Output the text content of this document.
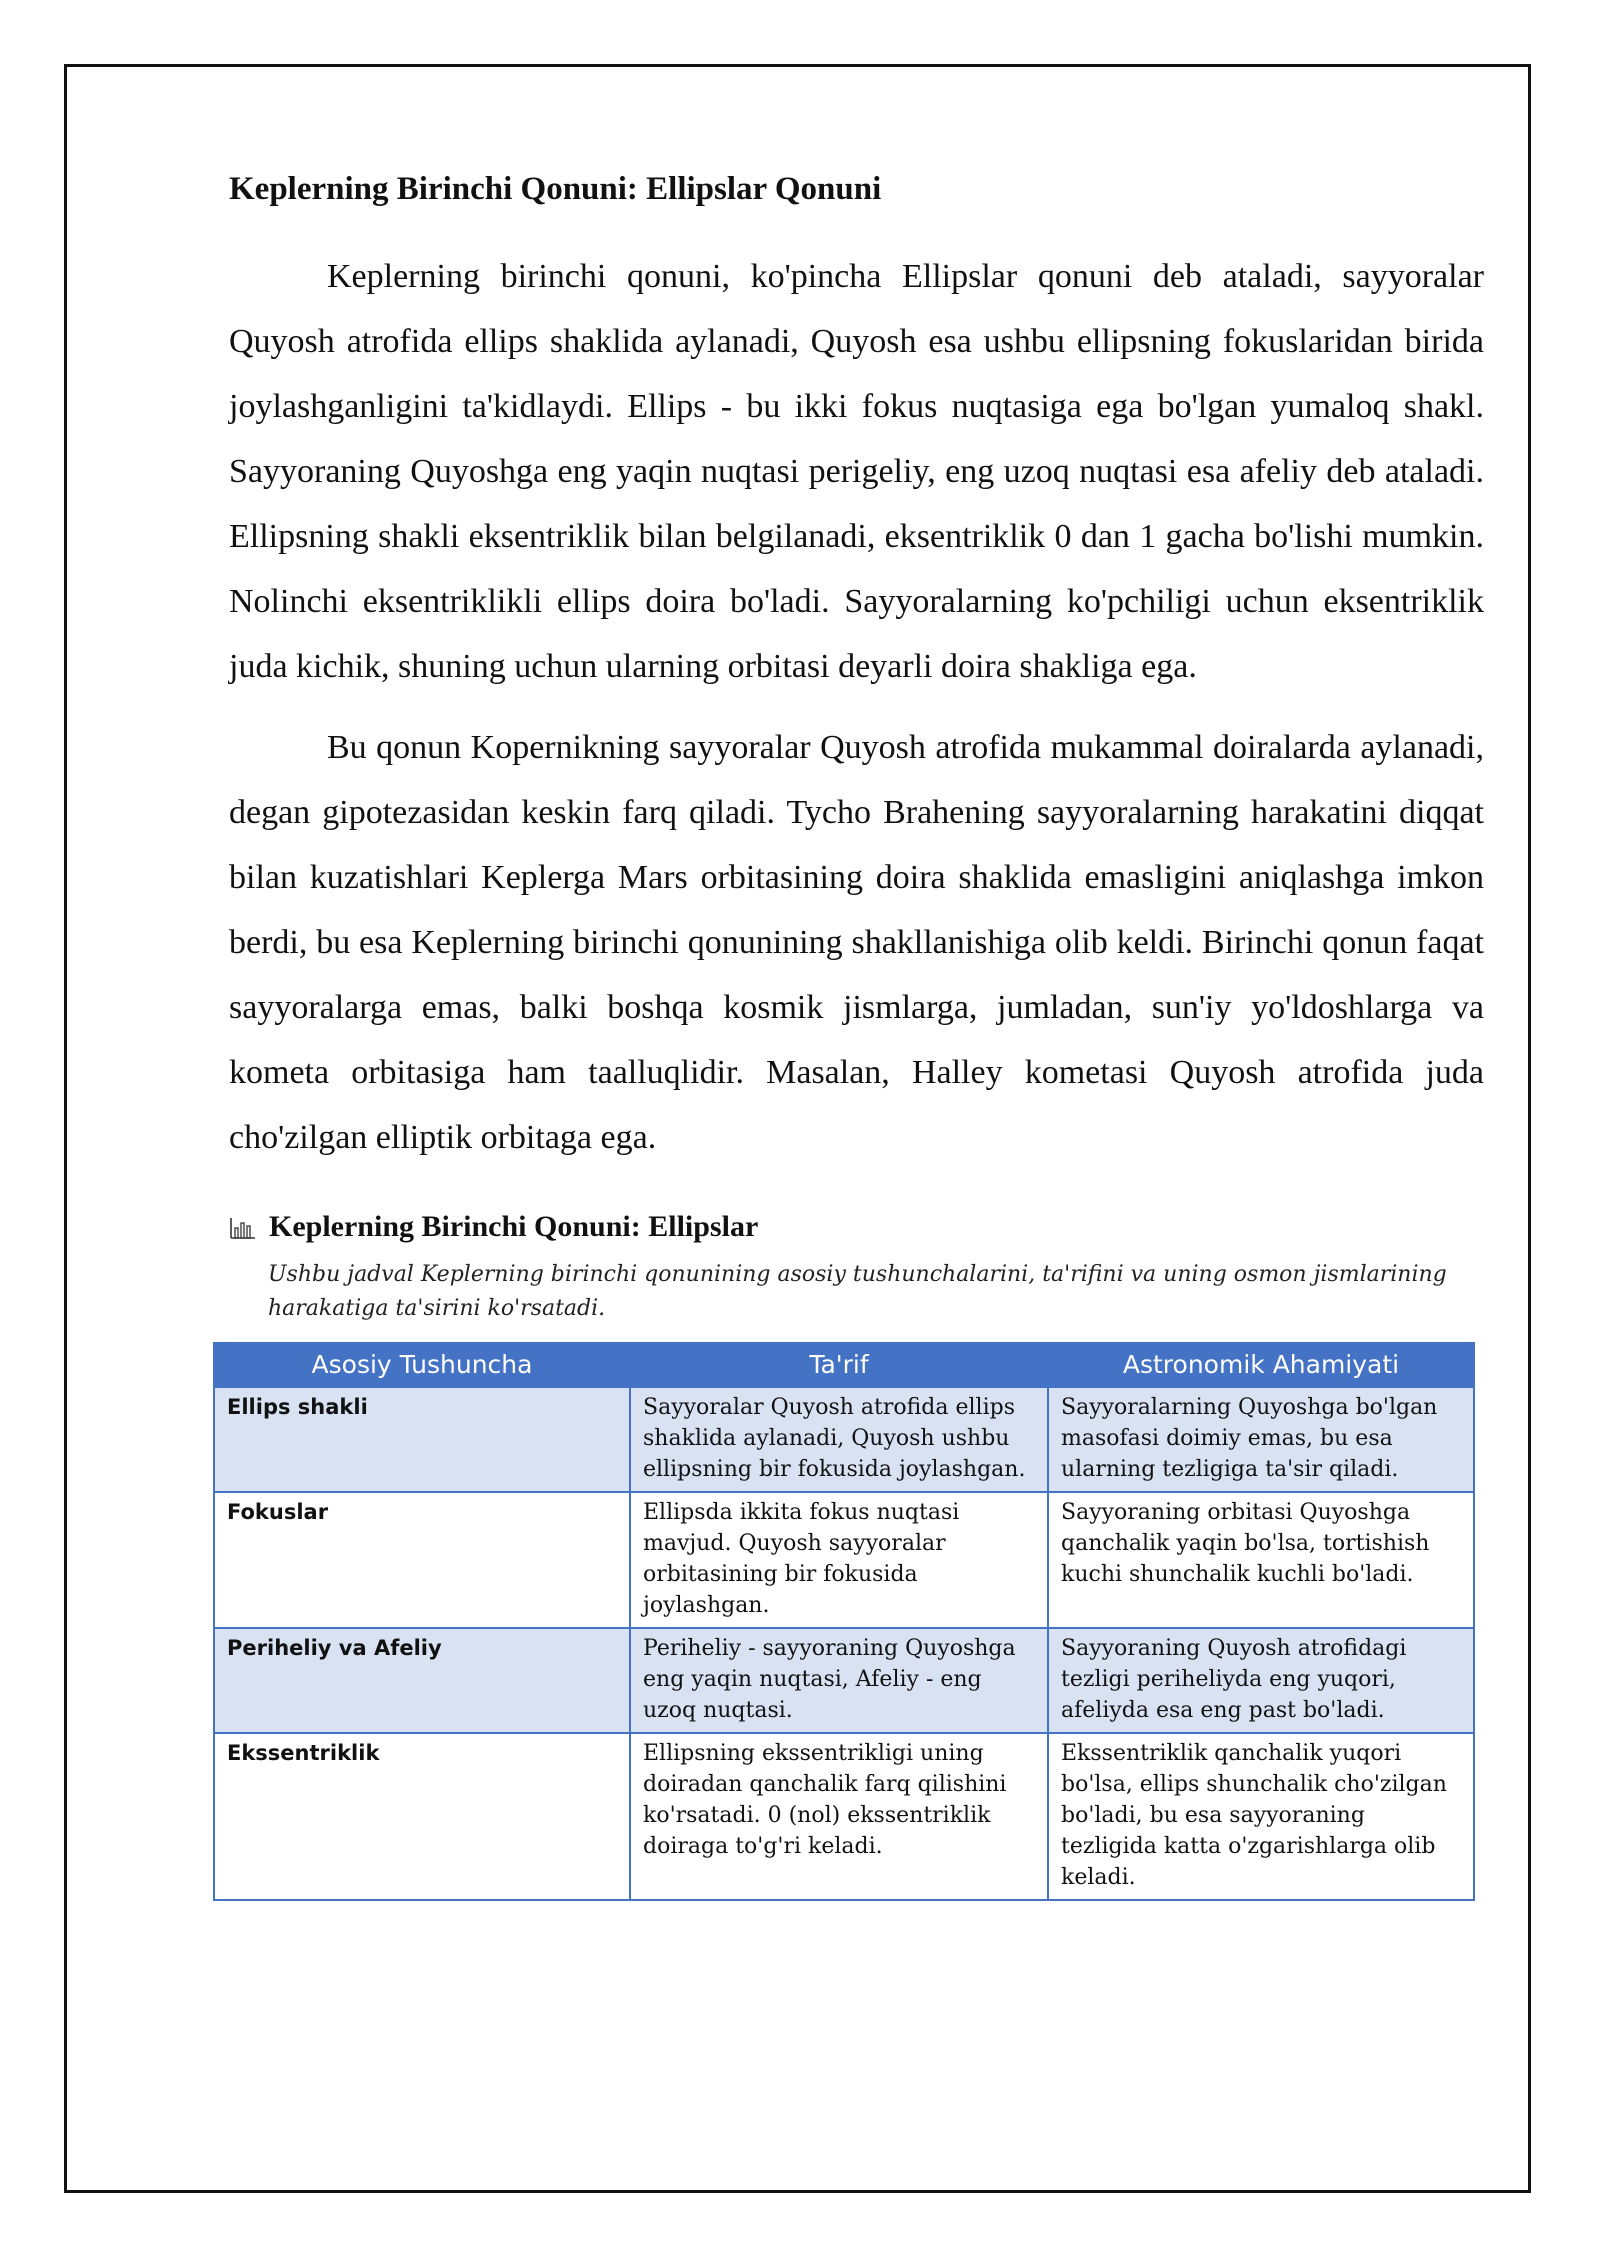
Keplerning Birinchi Qonuni: Ellipslar Qonuni

Keplerning birinchi qonuni, ko'pincha Ellipslar qonuni deb ataladi, sayyoralar Quyosh atrofida ellips shaklida aylanadi, Quyosh esa ushbu ellipsning fokuslaridan birida joylashganligini ta'kidlaydi. Ellips - bu ikki fokus nuqtasiga ega bo'lgan yumaloq shakl. Sayyoraning Quyoshga eng yaqin nuqtasi perigeliy, eng uzoq nuqtasi esa afeliy deb ataladi. Ellipsning shakli eksentriklik bilan belgilanadi, eksentriklik 0 dan 1 gacha bo'lishi mumkin. Nolinchi eksentriklikli ellips doira bo'ladi. Sayyoralarning ko'pchiligi uchun eksentriklik juda kichik, shuning uchun ularning orbitasi deyarli doira shakliga ega.

Bu qonun Kopernikning sayyoralar Quyosh atrofida mukammal doiralarda aylanadi, degan gipotezasidan keskin farq qiladi. Tycho Brahening sayyoralarning harakatini diqqat bilan kuzatishlari Keplerga Mars orbitasining doira shaklida emasligini aniqlashga imkon berdi, bu esa Keplerning birinchi qonunining shakllanishiga olib keldi. Birinchi qonun faqat sayyoralarga emas, balki boshqa kosmik jismlarga, jumladan, sun'iy yo'ldoshlarga va kometa orbitasiga ham taalluqlidir. Masalan, Halley kometasi Quyosh atrofida juda cho'zilgan elliptik orbitaga ega.

Keplerning Birinchi Qonuni: Ellipslar

Ushbu jadval Keplerning birinchi qonunining asosiy tushunchalarini, ta'rifini va uning osmon jismlarining harakatiga ta'sirini ko'rsatadi.

Asosiy Tushuncha	Ta'rif	Astronomik Ahamiyati
Ellips shakli	Sayyoralar Quyosh atrofida ellips shaklida aylanadi, Quyosh ushbu ellipsning bir fokusida joylashgan.	Sayyoralarning Quyoshga bo'lgan masofasi doimiy emas, bu esa ularning tezligiga ta'sir qiladi.
Fokuslar	Ellipsda ikkita fokus nuqtasi mavjud. Quyosh sayyoralar orbitasining bir fokusida joylashgan.	Sayyoraning orbitasi Quyoshga qanchalik yaqin bo'lsa, tortishish kuchi shunchalik kuchli bo'ladi.
Periheliy va Afeliy	Periheliy - sayyoraning Quyoshga eng yaqin nuqtasi, Afeliy - eng uzoq nuqtasi.	Sayyoraning Quyosh atrofidagi tezligi periheliyda eng yuqori, afeliyda esa eng past bo'ladi.
Ekssentriklik	Ellipsning ekssentrikligi uning doiradan qanchalik farq qilishini ko'rsatadi. 0 (nol) ekssentriklik doiraga to'g'ri keladi.	Ekssentriklik qanchalik yuqori bo'lsa, ellips shunchalik cho'zilgan bo'ladi, bu esa sayyoraning tezligida katta o'zgarishlarga olib keladi.
